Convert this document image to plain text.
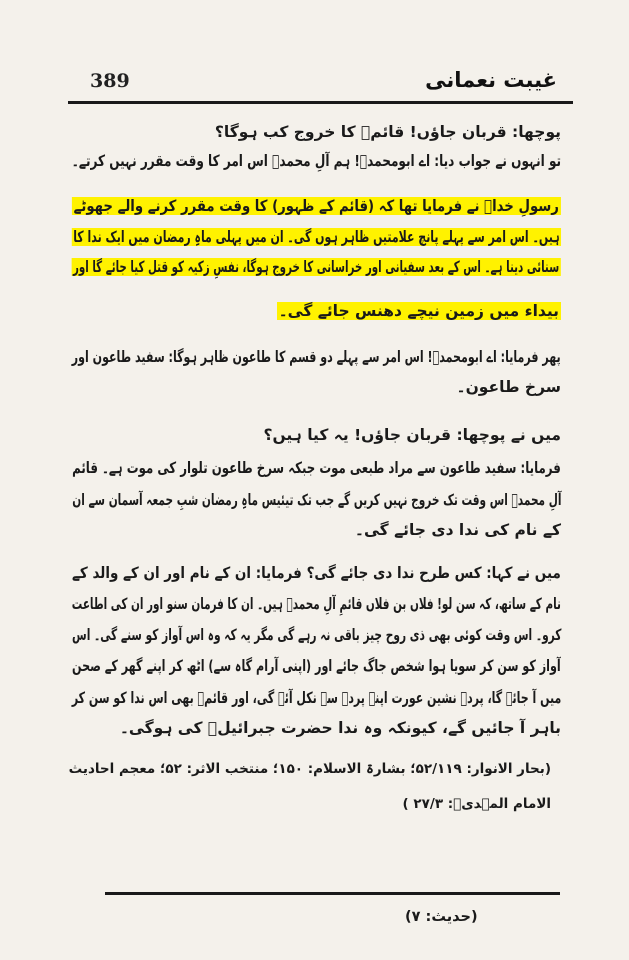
389	غیبت نعمانی
پوچھا: قربان جاؤں! قائمؑ کا خروج کب ہوگا؟
تو انہوں نے جواب دیا: اے ابومحمدؒ! ہم آلِ محمدؐ اس امر کا وقت مقرر نہیں کرتے۔
رسولِ خداؐ نے فرمایا تھا کہ (قائم کے ظہور) کا وقت مقرر کرنے والے جھوٹے
ہیں۔ اس امر سے پہلے پانچ علامتیں ظاہر ہوں گی۔ ان میں پہلی ماہِ رمضان میں ایک ندا کا
سنائی دینا ہے۔ اس کے بعد سفیانی اور خراسانی کا خروج ہوگا، نفسِ زکیہ کو قتل کیا جائے گا اور
بیداء میں زمین نیچے دھنس جائے گی۔
پھر فرمایا: اے ابومحمدؒ! اس امر سے پہلے دو قسم کا طاعون ظاہر ہوگا: سفید طاعون اور
سرخ طاعون۔
میں نے پوچھا: قربان جاؤں! یہ کیا ہیں؟
فرمایا: سفید طاعون سے مراد طبعی موت جبکہ سرخ طاعون تلوار کی موت ہے۔ قائم
آلِ محمدؐ اس وقت تک خروج نہیں کریں گے جب تک تیئیس ماہِ رمضان شبِ جمعہ آسمان سے ان
کے نام کی ندا دی جائے گی۔
میں نے کہا: کس طرح ندا دی جائے گی؟ فرمایا: ان کے نام اور ان کے والد کے
نام کے ساتھ، کہ سن لو! فلاں بن فلاں قائمِ آلِ محمدؐ ہیں۔ ان کا فرمان سنو اور ان کی اطاعت
کرو۔ اس وقت کوئی بھی ذی روح چیز باقی نہ رہے گی مگر یہ کہ وہ اس آواز کو سنے گی۔ اس
آواز کو سن کر سویا ہوا شخص جاگ جائے اور (اپنی آرام گاہ سے) اٹھ کر اپنے گھر کے صحن
میں آ جائے گا، پردہ نشین عورت اپنے پردے سے نکل آئے گی، اور قائمؑ بھی اس ندا کو سن کر
باہر آ جائیں گے، کیونکہ وہ ندا حضرت جبرائیلؑ کی ہوگی۔
(بحار الانوار: ۵۲/۱۱۹؛ بشارۃ الاسلام: ۱۵۰؛ منتخب الاثر: ۵۲؛ معجم احادیث
الامام المہدیؑ: ۲۷/۳ )
(حدیث: ۷)
